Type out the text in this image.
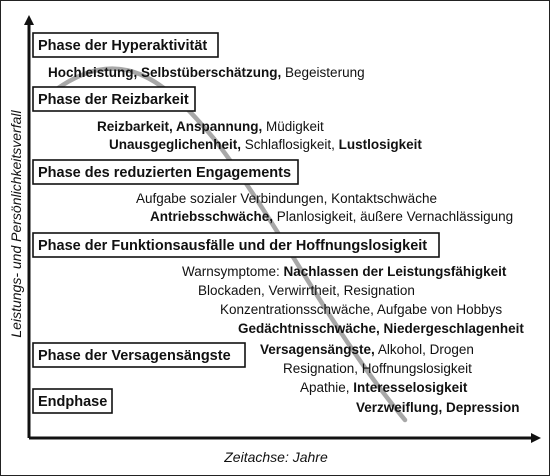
Leistungs- und Persönlichkeitsverfall
Zeitachse: Jahre
Phase der Hyperaktivität
Phase der Reizbarkeit
Phase des reduzierten Engagements
Phase der Funktionsausfälle und der Hoffnungslosigkeit
Phase der Versagensängste
Endphase
Hochleistung, Selbstüberschätzung, Begeisterung
Reizbarkeit, Anspannung, Müdigkeit
Unausgeglichenheit, Schlaflosigkeit, Lustlosigkeit
Aufgabe sozialer Verbindungen, Kontaktschwäche
Antriebsschwäche, Planlosigkeit, äußere Vernachlässigung
Warnsymptome: Nachlassen der Leistungsfähigkeit
Blockaden, Verwirrtheit, Resignation
Konzentrationsschwäche, Aufgabe von Hobbys
Gedächtnisschwäche, Niedergeschlagenheit
Versagensängste, Alkohol, Drogen
Resignation, Hoffnungslosigkeit
Apathie, Interesselosigkeit
Verzweiflung, Depression
